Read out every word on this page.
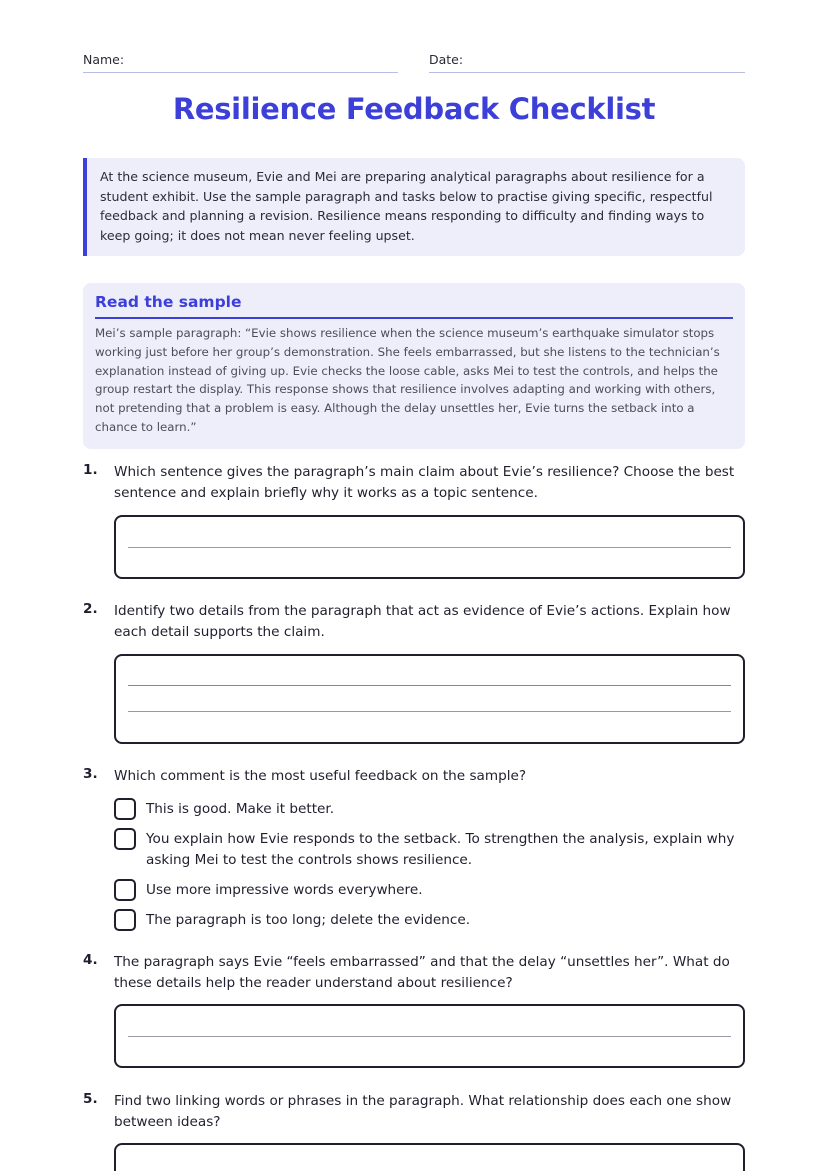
Name:	Date:
Resilience Feedback Checklist
At the science museum, Evie and Mei are preparing analytical paragraphs about resilience for a student exhibit. Use the sample paragraph and tasks below to practise giving specific, respectful feedback and planning a revision. Resilience means responding to difficulty and finding ways to keep going; it does not mean never feeling upset.
Read the sample
Mei’s sample paragraph: “Evie shows resilience when the science museum’s earthquake simulator stops working just before her group’s demonstration. She feels embarrassed, but she listens to the technician’s explanation instead of giving up. Evie checks the loose cable, asks Mei to test the controls, and helps the group restart the display. This response shows that resilience involves adapting and working with others, not pretending that a problem is easy. Although the delay unsettles her, Evie turns the setback into a chance to learn.”
1. Which sentence gives the paragraph’s main claim about Evie’s resilience? Choose the best sentence and explain briefly why it works as a topic sentence.
2. Identify two details from the paragraph that act as evidence of Evie’s actions. Explain how each detail supports the claim.
3. Which comment is the most useful feedback on the sample?
This is good. Make it better.
You explain how Evie responds to the setback. To strengthen the analysis, explain why asking Mei to test the controls shows resilience.
Use more impressive words everywhere.
The paragraph is too long; delete the evidence.
4. The paragraph says Evie “feels embarrassed” and that the delay “unsettles her”. What do these details help the reader understand about resilience?
5. Find two linking words or phrases in the paragraph. What relationship does each one show between ideas?
